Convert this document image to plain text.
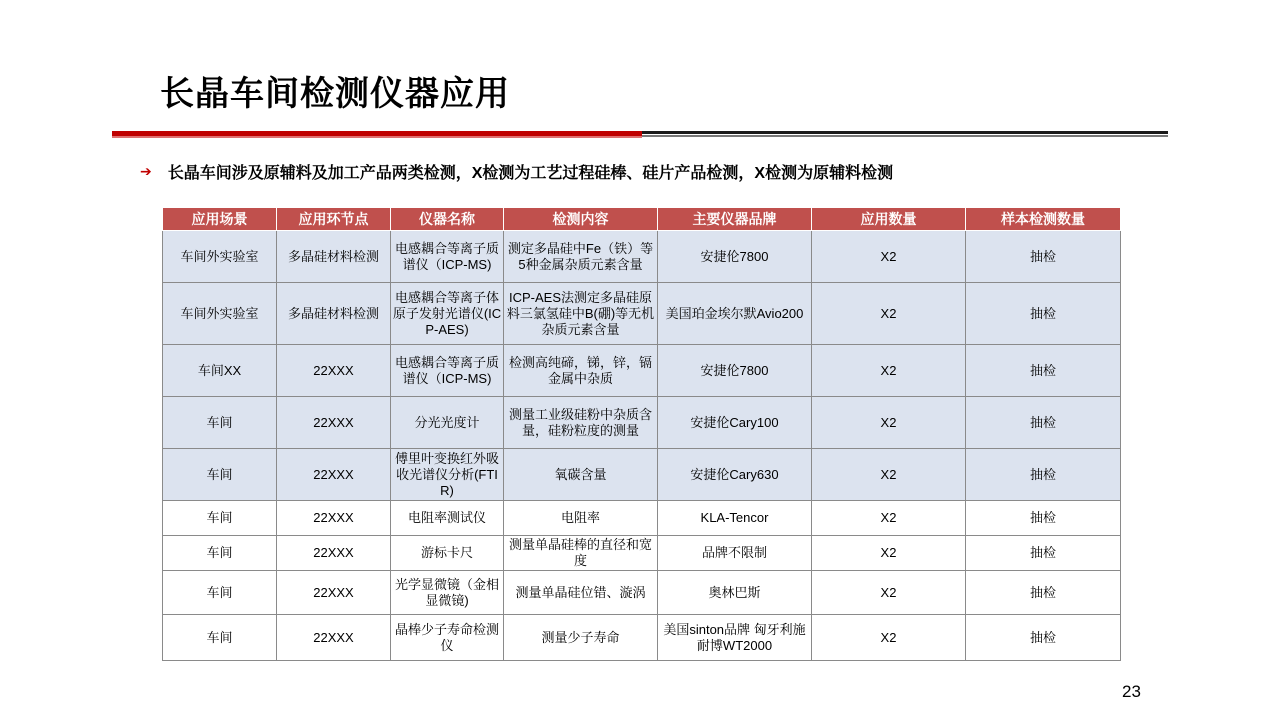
长晶车间检测仪器应用
➔ 长晶车间涉及原辅料及加工产品两类检测，X检测为工艺过程硅棒、硅片产品检测，X检测为原辅料检测
应用场景	应用环节点	仪器名称	检测内容	主要仪器品牌	应用数量	样本检测数量
车间外实验室	多晶硅材料检测	电感耦合等离子质谱仪（ICP-MS)	测定多晶硅中Fe（铁）等5种金属杂质元素含量	安捷伦7800	X2	抽检
车间外实验室	多晶硅材料检测	电感耦合等离子体原子发射光谱仪(ICP-AES)	ICP-AES法测定多晶硅原料三氯氢硅中B(硼)等无机杂质元素含量	美国珀金埃尔默Avio200	X2	抽检
车间XX	22XXX	电感耦合等离子质谱仪（ICP-MS)	检测高纯碲，锑，锌，镉金属中杂质	安捷伦7800	X2	抽检
车间	22XXX	分光光度计	测量工业级硅粉中杂质含量，硅粉粒度的测量	安捷伦Cary100	X2	抽检
车间	22XXX	傅里叶变换红外吸收光谱仪分析(FTIR)	氧碳含量	安捷伦Cary630	X2	抽检
车间	22XXX	电阻率测试仪	电阻率	KLA-Tencor	X2	抽检
车间	22XXX	游标卡尺	测量单晶硅棒的直径和宽度	品牌不限制	X2	抽检
车间	22XXX	光学显微镜（金相显微镜)	测量单晶硅位错、漩涡	奥林巴斯	X2	抽检
车间	22XXX	晶棒少子寿命检测仪	测量少子寿命	美国sinton品牌 匈牙利施耐博WT2000	X2	抽检
23
